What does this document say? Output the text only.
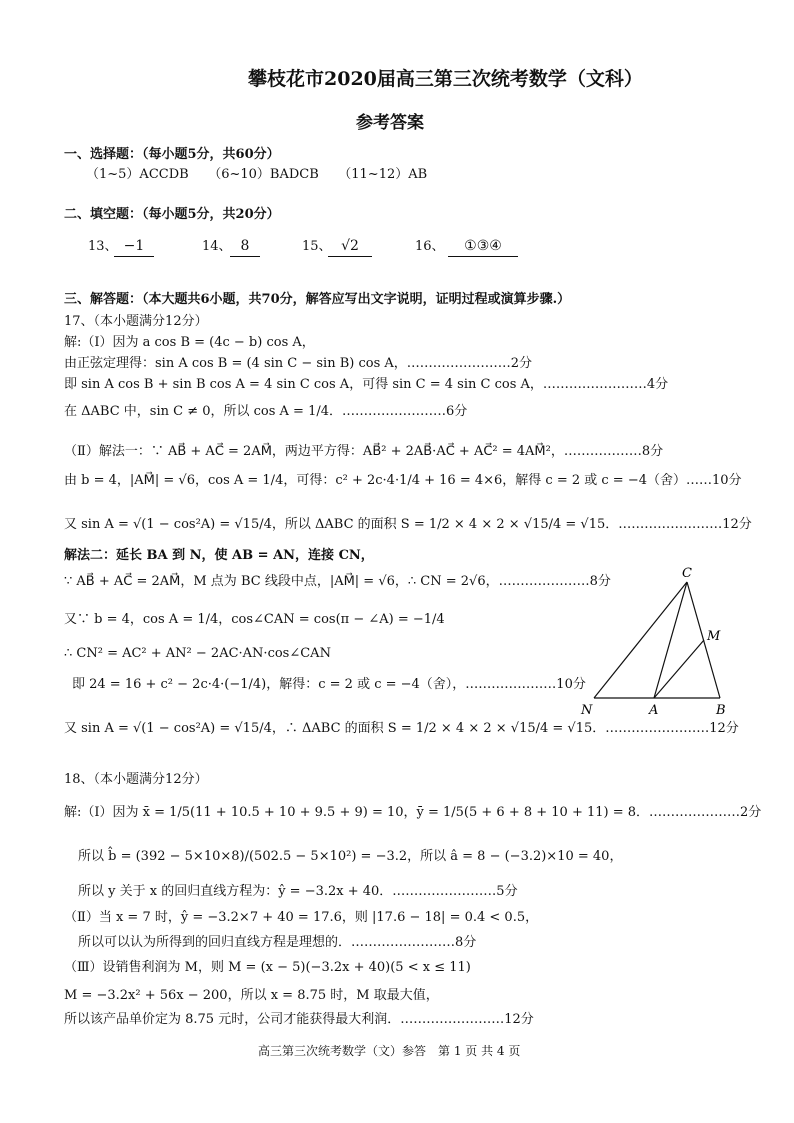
攀枝花市2020届高三第三次统考数学（文科）
参考答案
一、选择题：（每小题5分，共60分）
（1~5）ACCDB　　（6~10）BADCB　　（11~12）AB
二、填空题：（每小题5分，共20分）
13、 −1	14、 8	15、 √2	16、	①③④
三、解答题：（本大题共6小题，共70分，解答应写出文字说明，证明过程或演算步骤.）
17、（本小题满分12分）
解:（Ⅰ）因为 a cos B = (4c − b) cos A，
由正弦定理得：sin A cos B = (4 sin C − sin B) cos A，……………………2分
即 sin A cos B + sin B cos A = 4 sin C cos A，可得 sin C = 4 sin C cos A，……………………4分
在 ΔABC 中，sin C ≠ 0，所以 cos A = 1/4．……………………6分
（Ⅱ）解法一：∵ AB⃗ + AC⃗ = 2AM⃗，两边平方得：AB⃗² + 2AB⃗·AC⃗ + AC⃗² = 4AM⃗²，………………8分
由 b = 4，|AM⃗| = √6，cos A = 1/4，可得：c² + 2c·4·1/4 + 16 = 4×6，解得 c = 2 或 c = −4（舍）……10分
又 sin A = √(1 − cos²A) = √15/4，所以 ΔABC 的面积 S = 1/2 × 4 × 2 × √15/4 = √15．……………………12分
解法二：延长 BA 到 N，使 AB = AN，连接 CN，
∵ AB⃗ + AC⃗ = 2AM⃗，M 点为 BC 线段中点，|AM⃗| = √6，∴ CN = 2√6，…………………8分
又∵ b = 4，cos A = 1/4，cos∠CAN = cos(π − ∠A) = −1/4
∴ CN² = AC² + AN² − 2AC·AN·cos∠CAN
即 24 = 16 + c² − 2c·4·(−1/4)，解得：c = 2 或 c = −4（舍），…………………10分
又 sin A = √(1 − cos²A) = √15/4，∴ ΔABC 的面积 S = 1/2 × 4 × 2 × √15/4 = √15．……………………12分
C
M
N	A	B
18、（本小题满分12分）
解:（Ⅰ）因为 x̄ = 1/5(11 + 10.5 + 10 + 9.5 + 9) = 10，ȳ = 1/5(5 + 6 + 8 + 10 + 11) = 8．…………………2分
所以 b̂ = (392 − 5×10×8)/(502.5 − 5×10²) = −3.2，所以 â = 8 − (−3.2)×10 = 40，
所以 y 关于 x 的回归直线方程为：ŷ = −3.2x + 40．……………………5分
（Ⅱ）当 x = 7 时，ŷ = −3.2×7 + 40 = 17.6，则 |17.6 − 18| = 0.4 < 0.5，
所以可以认为所得到的回归直线方程是理想的．……………………8分
（Ⅲ）设销售利润为 M，则 M = (x − 5)(−3.2x + 40)(5 < x ≤ 11)
M = −3.2x² + 56x − 200，所以 x = 8.75 时，M 取最大值，
所以该产品单价定为 8.75 元时，公司才能获得最大利润．……………………12分
高三第三次统考数学（文）参答　第 1 页 共 4 页
